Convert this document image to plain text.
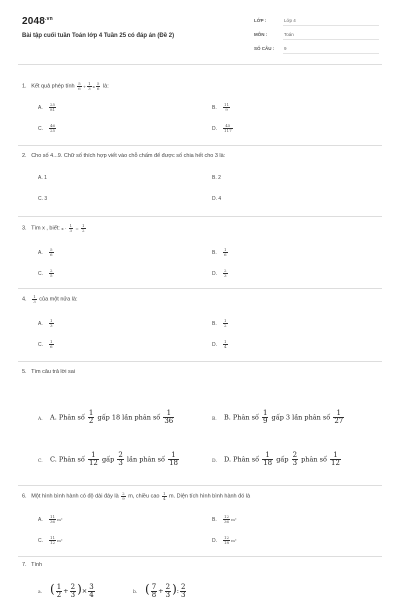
$2048^{.vn}$
Bài tập cuối tuần Toán lớp 4 Tuần 25 có đáp án (Đề 2)
LỚP :	Lớp 4
MÔN :	Toán
SỐ CÂU : 9
1. Kết quả phép tính $\frac{5}{6} + \frac{1}{3}$ x $\frac{5}{6}$ là:
A. $\frac{25}{81}$	B. $\frac{11}{9}$
C. $\frac{46}{25}$	D. $\frac{45}{117}$
2. Cho số 4...9. Chữ số thích hợp viết vào chỗ chấm để được số chia hết cho 3 là:
A. 1	B. 2
C. 3	D. 4
3. Tìm x , biết: $x - \frac{1}{3} = \frac{1}{2}$
A. $\frac{5}{6}$	B. $\frac{1}{6}$
C. $\frac{2}{5}$	D. $\frac{2}{3}$
4. $\frac{1}{3}$ của một nửa là:
A. $\frac{1}{3}$	B. $\frac{1}{2}$
C. $\frac{1}{6}$	D. $\frac{1}{4}$
5. Tìm câu trả lời sai
A. A. Phân số $\frac{1}{2}$ gấp 18 lần phân số $\frac{1}{36}$	B. B. Phân số $\frac{1}{9}$ gấp 3 lần phân số $\frac{1}{27}$
C. C. Phân số $\frac{1}{12}$ gấp $\frac{2}{3}$ lần phân số $\frac{1}{18}$	D. D. Phân số $\frac{1}{18}$ gấp $\frac{2}{3}$ phân số $\frac{1}{12}$
6. Một hình bình hành có độ dài đáy là $\frac{2}{9} m$, chiều cao $\frac{1}{4} m$. Diện tích hình bình hành đó là
A. $\frac{11}{36} m^2$	B. $\frac{12}{36} m^2$
C. $\frac{11}{12} m^2$	D. $\frac{12}{18} m^2$
7. Tính
a. ( $\frac{1}{2} + \frac{2}{3}$ )× $\frac{3}{4}$	b. ( $\frac{7}{8} + \frac{2}{3}$ ): $\frac{2}{3}$
